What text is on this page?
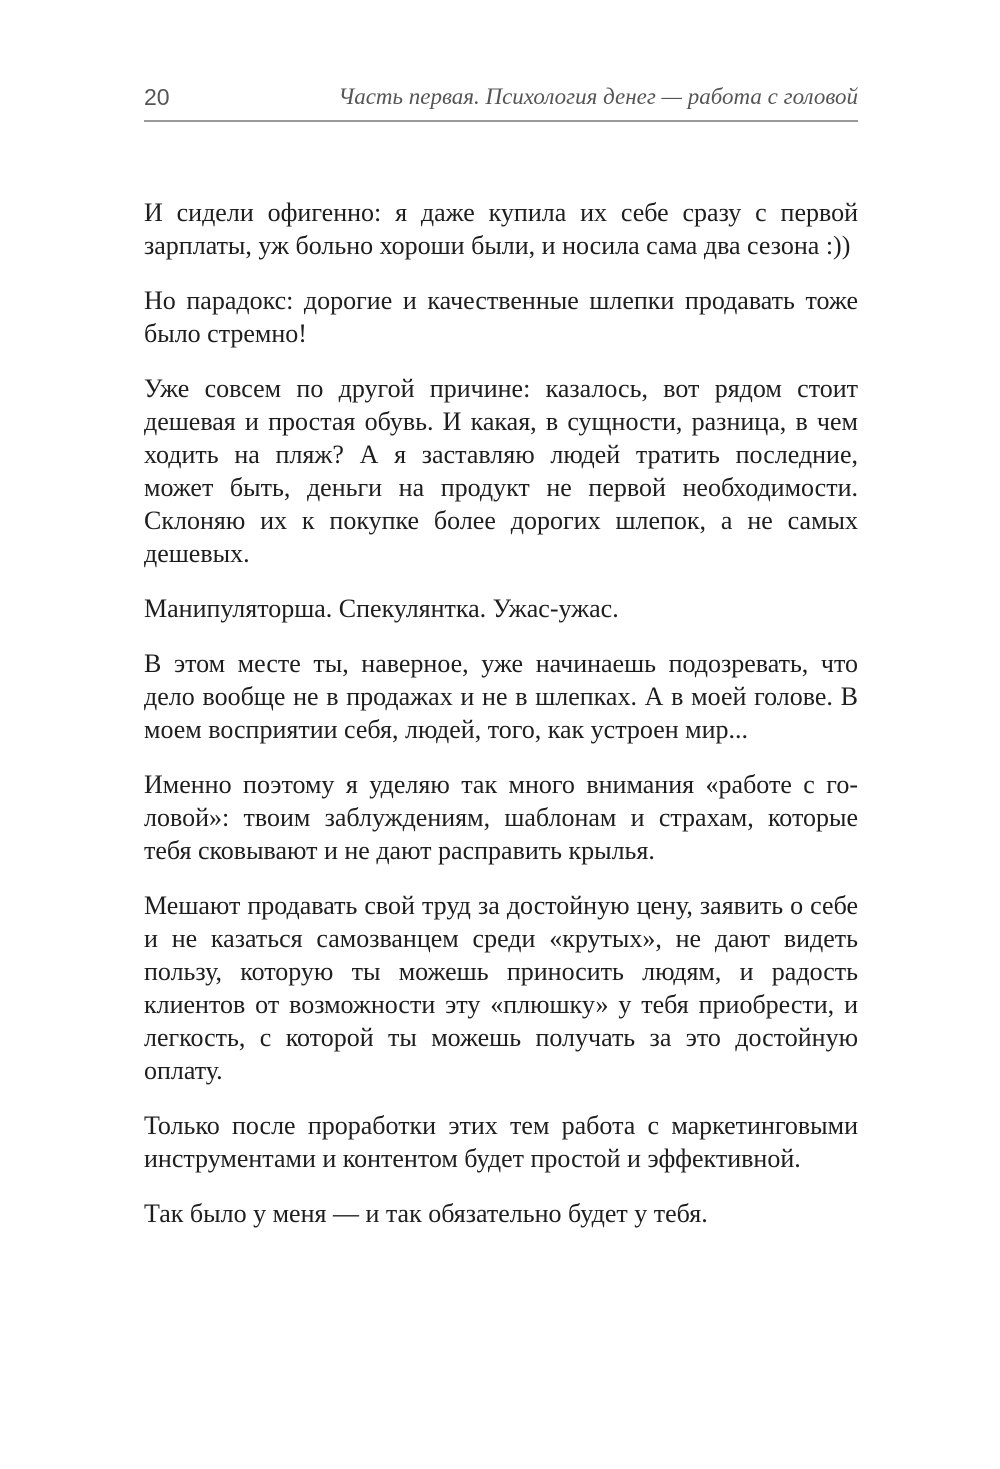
20	Часть первая. Психология денег — работа с головой

И сидели офигенно: я даже купила их себе сразу с первой зарплаты, уж больно хороши были, и носила сама два сезона :))

Но парадокс: дорогие и качественные шлепки продавать тоже было стремно!

Уже совсем по другой причине: казалось, вот рядом стоит дешевая и простая обувь. И какая, в сущности, разница, в чем ходить на пляж? А я заставляю людей тратить последние, может быть, деньги на продукт не первой необходимости. Склоняю их к покупке более дорогих шлепок, а не самых дешевых.

Манипуляторша. Спекулянтка. Ужас-ужас.

В этом месте ты, наверное, уже начинаешь подозревать, что дело вообще не в продажах и не в шлепках. А в моей голове. В моем восприятии себя, людей, того, как устроен мир...

Именно поэтому я уделяю так много внимания «работе с головой»: твоим заблуждениям, шаблонам и страхам, которые тебя сковывают и не дают расправить крылья.

Мешают продавать свой труд за достойную цену, заявить о себе и не казаться самозванцем среди «крутых», не дают видеть пользу, которую ты можешь приносить людям, и радость клиентов от возможности эту «плюшку» у тебя приобрести, и легкость, с которой ты можешь получать за это достойную оплату.

Только после проработки этих тем работа с маркетинговыми инструментами и контентом будет простой и эффективной.

Так было у меня — и так обязательно будет у тебя.
